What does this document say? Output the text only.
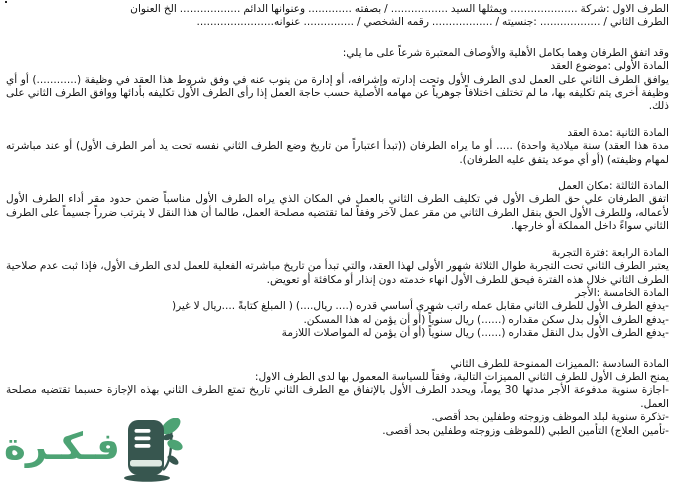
.
الطرف الاول :شركة .................... ويمثلها السيد ................. / بصفته ............. وعنوانها الدائم .................. الخ العنوان
الطرف الثاني / .................. :جنسيته / .................. رقمه الشخصي / ............... عنوانه.......................
وقد اتفق الطرفان وهما بكامل الأهلية والأوصاف المعتبرة شرعاً على ما يلي:
المادة الأولى :موضوع العقد
يوافق الطرف الثاني على العمل لدى الطرف الأول وتحت إدارته وإشرافه، أو إدارة من ينوب عنه في وفق شروط هذا العقد في وظيفة (............) أو أي وظيفة أخرى يتم تكليفه بها، ما لم تختلف اختلافاً جوهرياً عن مهامه الأصلية حسب حاجة العمل إذا رأى الطرف الأول تكليفه بأدائها ووافق الطرف الثاني على ذلك.
المادة الثانية :مدة العقد
مدة هذا العقد) سنة ميلادية واحدة) ..... أو ما يراه الطرفان ((تبدأ اعتباراً من تاريخ وضع الطرف الثاني نفسه تحت يد أمر الطرف الأول) أو عند مباشرته لمهام وظيفته) (أو أي موعد يتفق عليه الطرفان).
المادة الثالثة :مكان العمل
اتفق الطرفان علي حق الطرف الأول في تكليف الطرف الثاني بالعمل في المكان الذي يراه الطرف الأول مناسباً ضمن حدود مقر أداء الطرف الأول لأعماله، وللطرف الأول الحق بنقل الطرف الثاني من مقر عمل لآخر وفقاً لما تقتضيه مصلحة العمل، طالما أن هذا النقل لا يترتب ضرراً جسيماً على الطرف الثاني سواءً داخل المملكة أو خارجها.
المادة الرابعة :فترة التجربة
يعتبر الطرف الثاني تحت التجربة طوال الثلاثة شهور الأولى لهذا العقد، والتي تبدأ من تاريخ مباشرته الفعلية للعمل لدى الطرف الأول، فإذا ثبت عدم صلاحية الطرف الثاني خلال هذه الفترة فيحق للطرف الأول انهاء خدمته دون إنذار أو مكافئة أو تعويض.
المادة الخامسة :الأجر
-يدفع الطرف الأول للطرف الثاني مقابل عمله راتب شهري أساسي قدره (.... ريال....) ( المبلغ كتابةً ....ريال لا غير(
-يدفع الطرف الأول بدل سكن مقداره (......) ريال سنوياً (أو أن يؤمن له هذا المسكن.
-يدفع الطرف الأول بدل النقل مقداره (......) ريال سنوياً (أو أن يؤمن له المواصلات اللازمة
المادة السادسة :المميزات الممنوحة للطرف الثاني
يمنح الطرف الأول للطرف الثاني المميزات التالية، وفقاً للسياسة المعمول بها لدى الطرف الاول:
-اجازة سنوية مدفوعة الأجر مدتها 30 يوماً، ويحدد الطرف الأول بالإتفاق مع الطرف الثاني تاريخ تمتع الطرف الثاني بهذه الإجازة حسبما تقتضيه مصلحة العمل.
-تذكرة سنوية لبلد الموظف وزوجته وطفلين بحد أقصى.
-تأمين العلاج) التأمين الطبي (للموظف وزوجته وطفلين بحد أقصى.
فـكـرة
